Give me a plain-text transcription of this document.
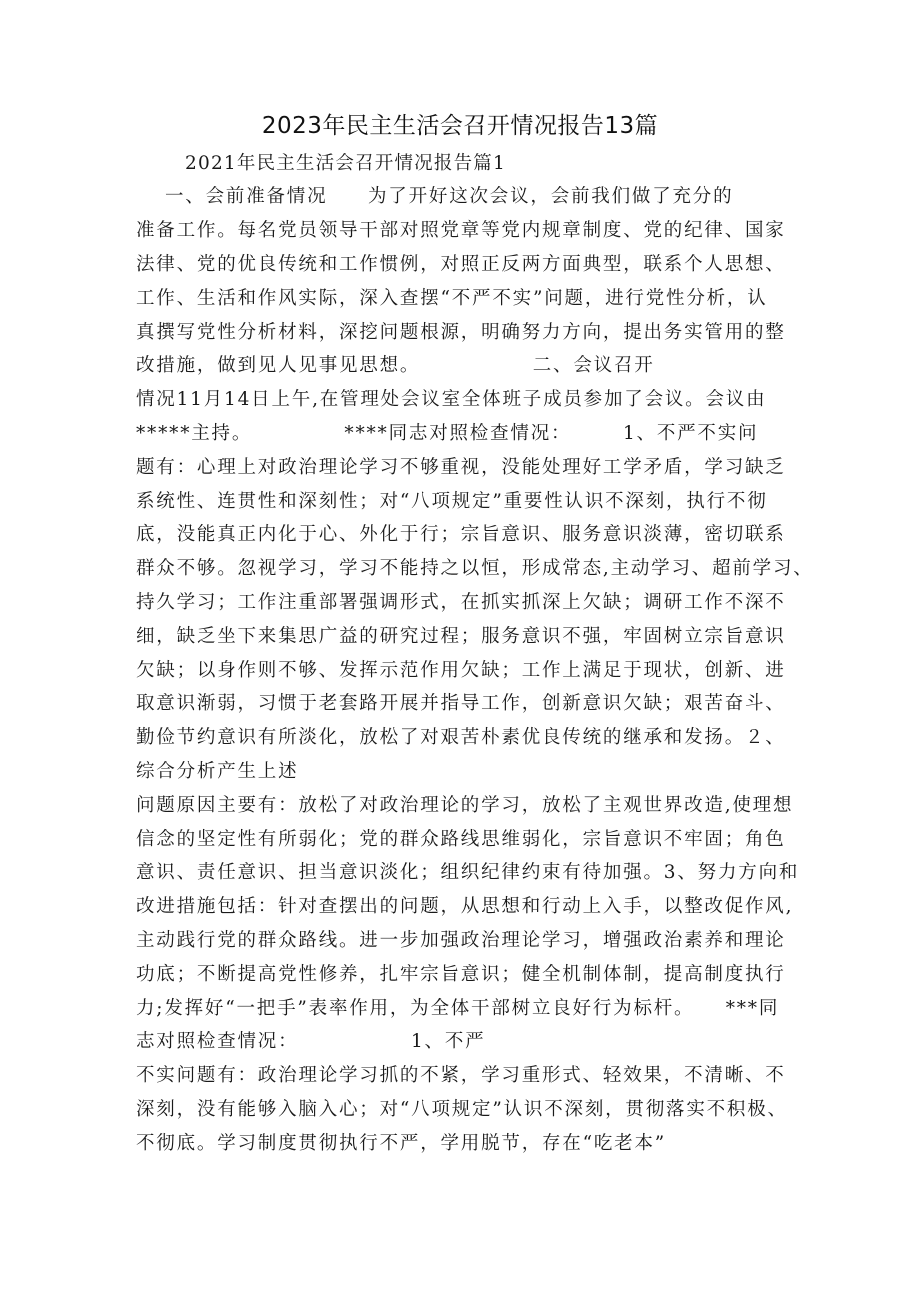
2023年民主生活会召开情况报告13篇
2021年民主生活会召开情况报告篇1
一、会前准备情况　　为了开好这次会议，会前我们做了充分的
准备工作。每名党员领导干部对照党章等党内规章制度、党的纪律、国家
法律、党的优良传统和工作惯例，对照正反两方面典型，联系个人思想、
工作、生活和作风实际，深入查摆“不严不实”问题，进行党性分析，认
真撰写党性分析材料，深挖问题根源，明确努力方向，提出务实管用的整
改措施，做到见人见事见思想。　　　　　　二、会议召开
情况11月14日上午,在管理处会议室全体班子成员参加了会议。会议由
*****主持。　　　　　****同志对照检查情况：　　　1、不严不实问
题有：心理上对政治理论学习不够重视，没能处理好工学矛盾，学习缺乏
系统性、连贯性和深刻性；对“八项规定”重要性认识不深刻，执行不彻
底，没能真正内化于心、外化于行；宗旨意识、服务意识淡薄，密切联系
群众不够。忽视学习，学习不能持之以恒，形成常态,主动学习、超前学习、
持久学习；工作注重部署强调形式，在抓实抓深上欠缺；调研工作不深不
细，缺乏坐下来集思广益的研究过程；服务意识不强，牢固树立宗旨意识
欠缺；以身作则不够、发挥示范作用欠缺；工作上满足于现状，创新、进
取意识渐弱，习惯于老套路开展并指导工作，创新意识欠缺；艰苦奋斗、
勤俭节约意识有所淡化，放松了对艰苦朴素优良传统的继承和发扬。２、
综合分析产生上述
问题原因主要有：放松了对政治理论的学习，放松了主观世界改造,使理想
信念的坚定性有所弱化；党的群众路线思维弱化，宗旨意识不牢固；角色
意识、责任意识、担当意识淡化；组织纪律约束有待加强。3、努力方向和
改进措施包括：针对查摆出的问题，从思想和行动上入手，以整改促作风,
主动践行党的群众路线。进一步加强政治理论学习，增强政治素养和理论
功底；不断提高党性修养，扎牢宗旨意识；健全机制体制，提高制度执行
力;发挥好“一把手”表率作用，为全体干部树立良好行为标杆。　　***同
志对照检查情况：　　　　　　1、不严
不实问题有：政治理论学习抓的不紧，学习重形式、轻效果，不清晰、不
深刻，没有能够入脑入心；对“八项规定”认识不深刻，贯彻落实不积极、
不彻底。学习制度贯彻执行不严，学用脱节，存在“吃老本”
